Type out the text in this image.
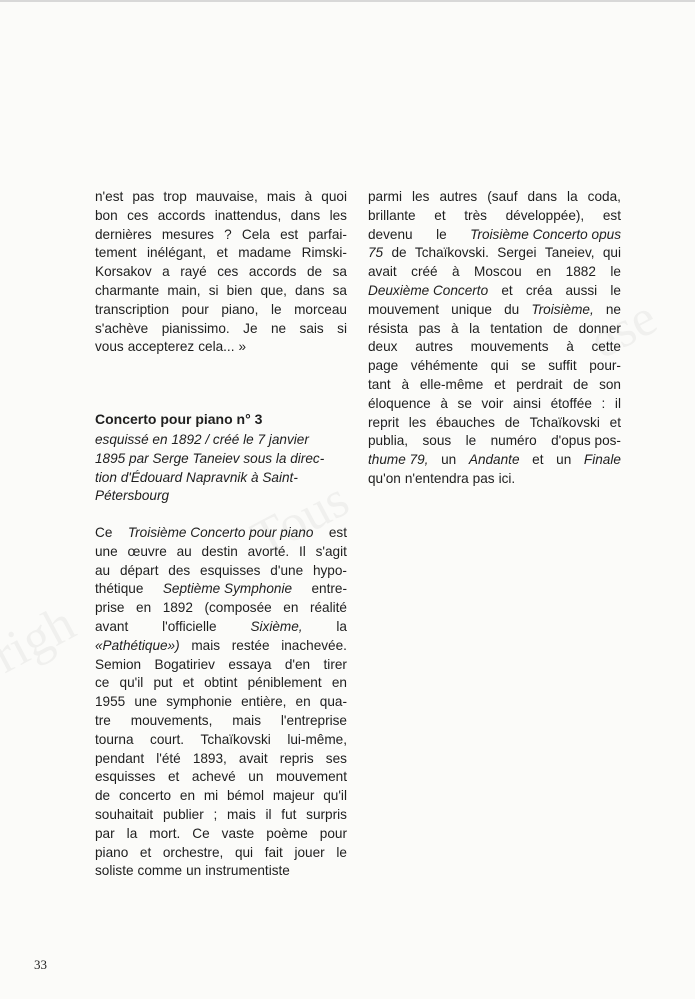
n'est pas trop mauvaise, mais à quoi
bon ces accords inattendus, dans les
dernières mesures ? Cela est parfai-
tement inélégant, et madame Rimski-
Korsakov a rayé ces accords de sa
charmante main, si bien que, dans sa
transcription pour piano, le morceau
s'achève pianissimo. Je ne sais si
vous accepterez cela... »
Concerto pour piano n° 3
esquissé en 1892 / créé le 7 janvier
1895 par Serge Taneiev sous la direc-
tion d'Édouard Napravnik à Saint-
Pétersbourg
Ce Troisième Concerto pour piano est
une œuvre au destin avorté. Il s'agit
au départ des esquisses d'une hypo-
thétique Septième Symphonie entre-
prise en 1892 (composée en réalité
avant l'officielle Sixième, la
«Pathétique») mais restée inachevée.
Semion Bogatiriev essaya d'en tirer
ce qu'il put et obtint péniblement en
1955 une symphonie entière, en qua-
tre mouvements, mais l'entreprise
tourna court. Tchaïkovski lui-même,
pendant l'été 1893, avait repris ses
esquisses et achevé un mouvement
de concerto en mi bémol majeur qu'il
souhaitait publier ; mais il fut surpris
par la mort. Ce vaste poème pour
piano et orchestre, qui fait jouer le
soliste comme un instrumentiste
parmi les autres (sauf dans la coda,
brillante et très développée), est
devenu le Troisième Concerto opus
75 de Tchaïkovski. Sergei Taneiev, qui
avait créé à Moscou en 1882 le
Deuxième Concerto et créa aussi le
mouvement unique du Troisième, ne
résista pas à la tentation de donner
deux autres mouvements à cette
page véhémente qui se suffit pour-
tant à elle-même et perdrait de son
éloquence à se voir ainsi étoffée : il
reprit les ébauches de Tchaïkovski et
publia, sous le numéro d'opus pos-
thume 79, un Andante et un Finale
qu'on n'entendra pas ici.
33
